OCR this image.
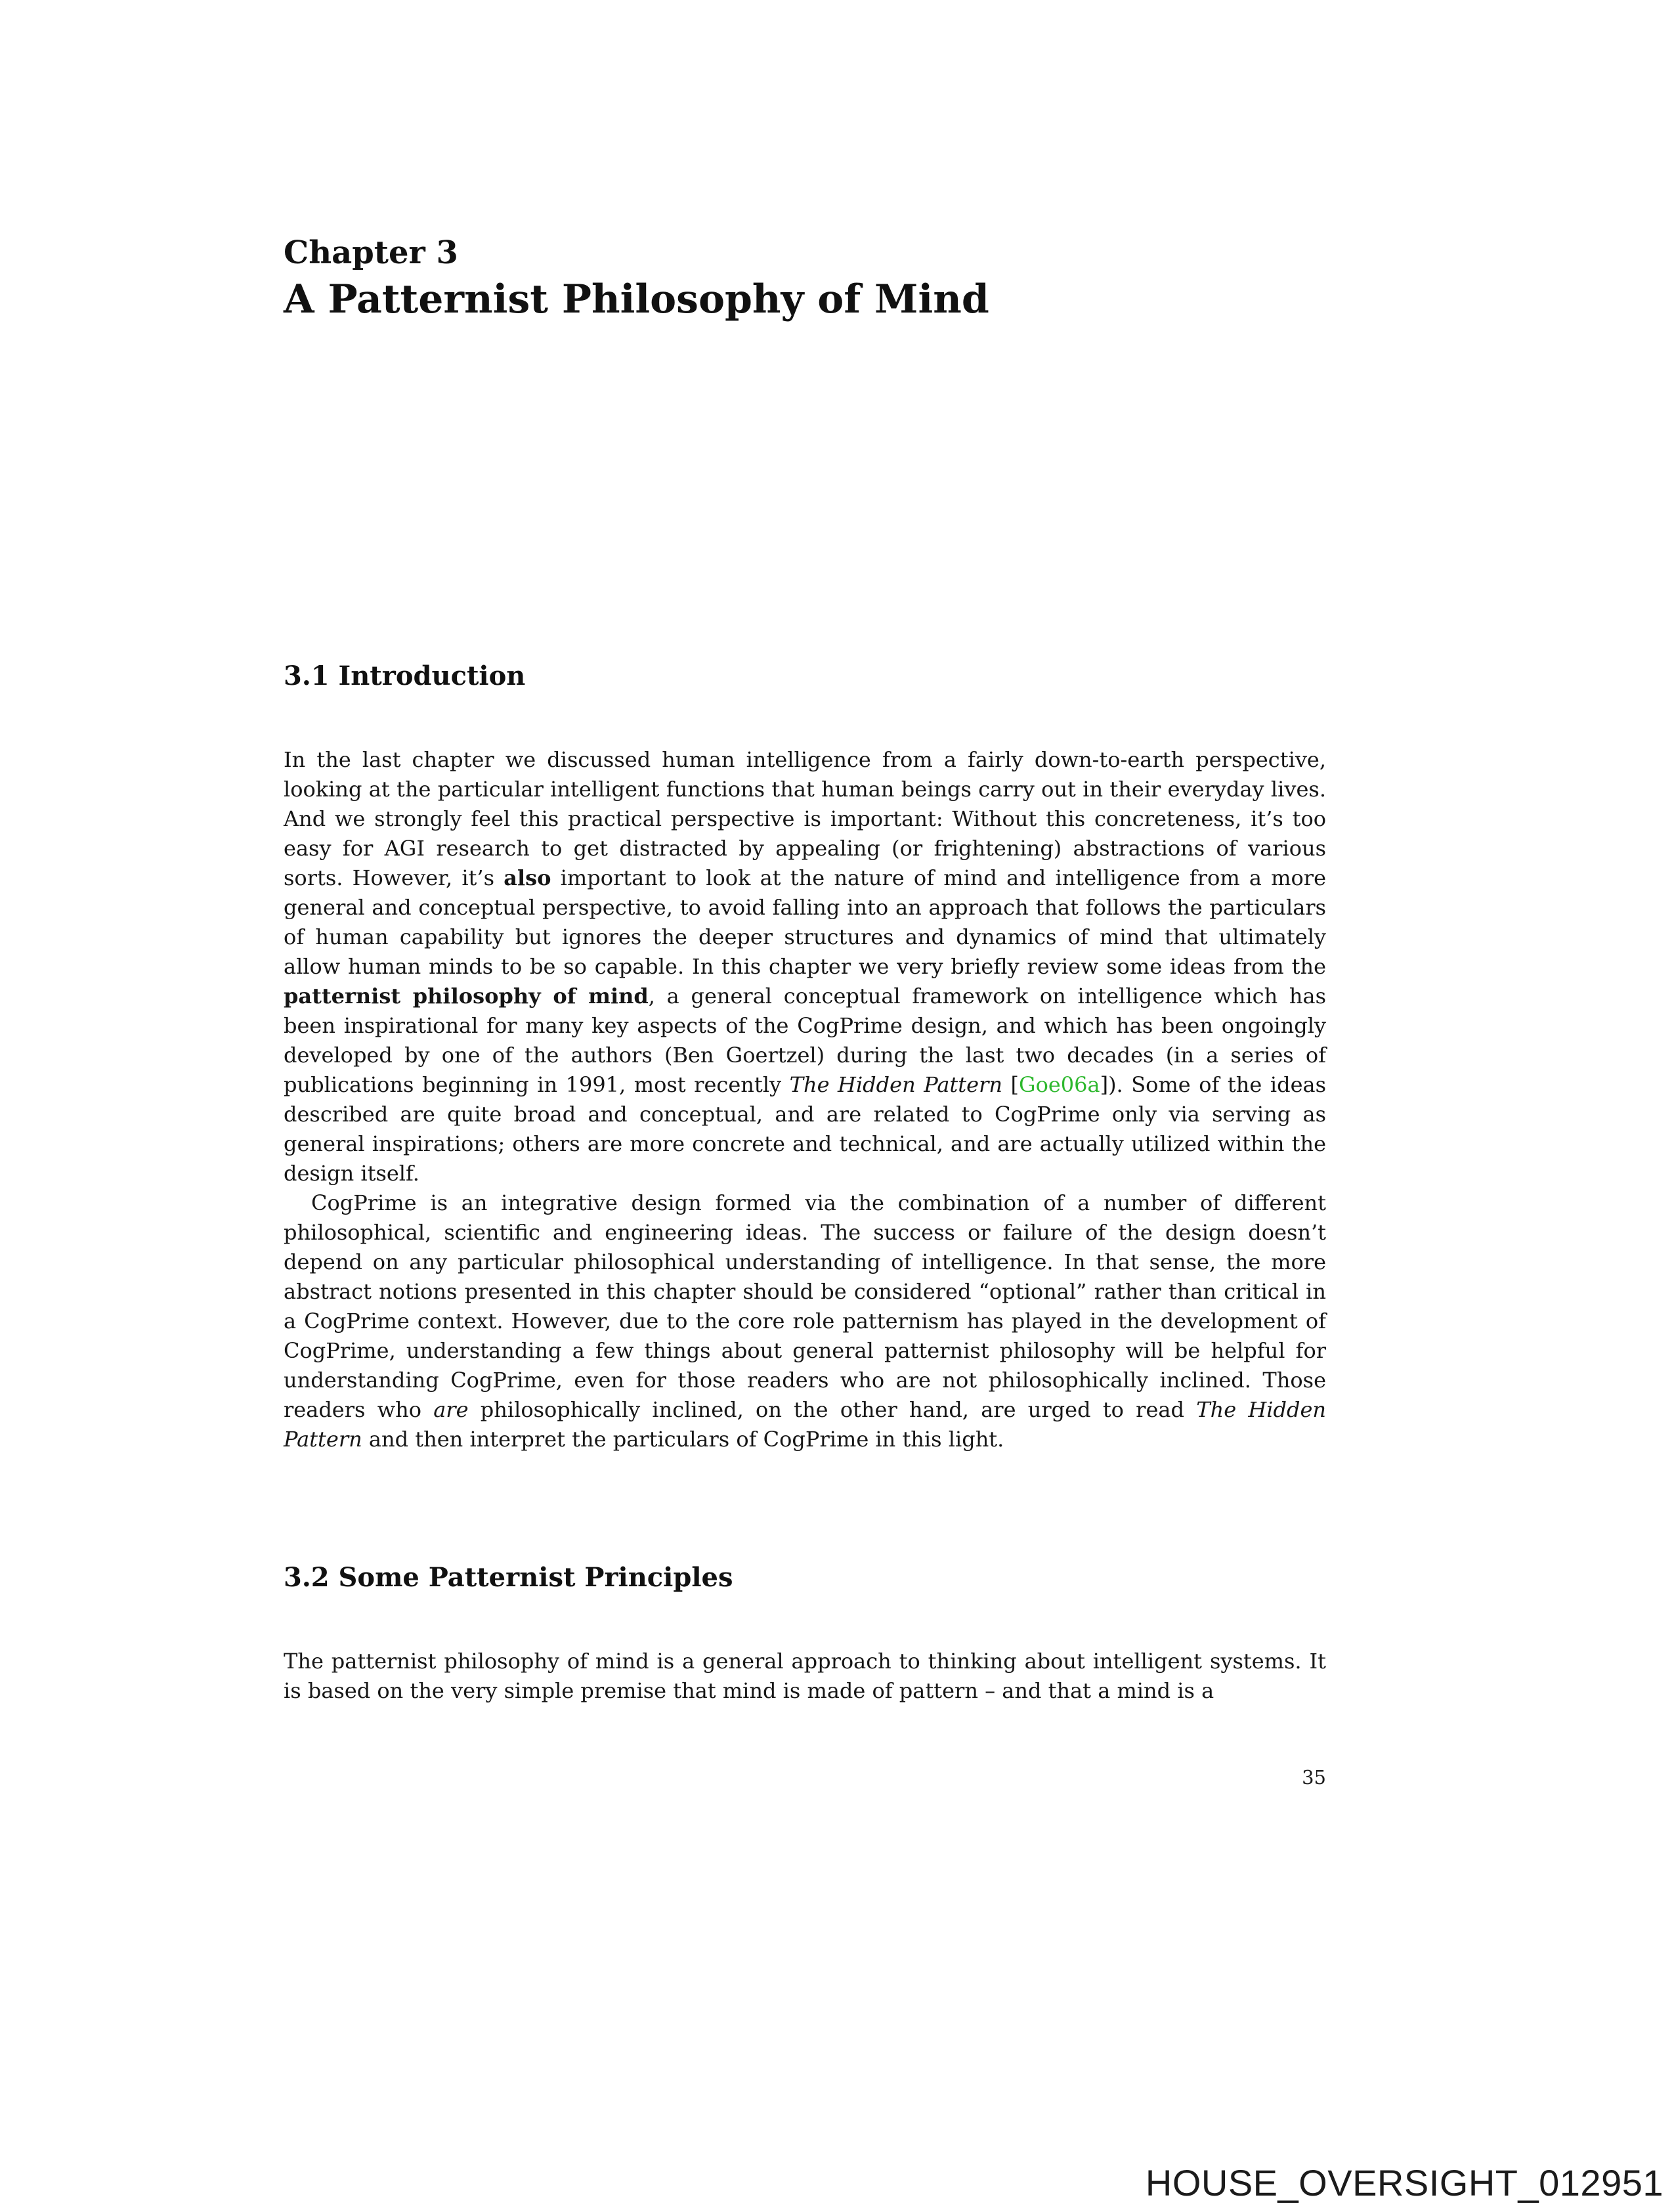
Chapter 3
A Patternist Philosophy of Mind
3.1 Introduction

In the last chapter we discussed human intelligence from a fairly down-to-earth perspective, looking at the particular intelligent functions that human beings carry out in their everyday lives. And we strongly feel this practical perspective is important: Without this concreteness, it’s too easy for AGI research to get distracted by appealing (or frightening) abstractions of various sorts. However, it’s also important to look at the nature of mind and intelligence from a more general and conceptual perspective, to avoid falling into an approach that follows the particulars of human capability but ignores the deeper structures and dynamics of mind that ultimately allow human minds to be so capable. In this chapter we very briefly review some ideas from the patternist philosophy of mind, a general conceptual framework on intelligence which has been inspirational for many key aspects of the CogPrime design, and which has been ongoingly developed by one of the authors (Ben Goertzel) during the last two decades (in a series of publications beginning in 1991, most recently The Hidden Pattern [Goe06a]). Some of the ideas described are quite broad and conceptual, and are related to CogPrime only via serving as general inspirations; others are more concrete and technical, and are actually utilized within the design itself.

CogPrime is an integrative design formed via the combination of a number of different philosophical, scientific and engineering ideas. The success or failure of the design doesn’t depend on any particular philosophical understanding of intelligence. In that sense, the more abstract notions presented in this chapter should be considered “optional” rather than critical in a CogPrime context. However, due to the core role patternism has played in the development of CogPrime, understanding a few things about general patternist philosophy will be helpful for understanding CogPrime, even for those readers who are not philosophically inclined. Those readers who are philosophically inclined, on the other hand, are urged to read The Hidden Pattern and then interpret the particulars of CogPrime in this light.

3.2 Some Patternist Principles

The patternist philosophy of mind is a general approach to thinking about intelligent systems. It is based on the very simple premise that mind is made of pattern – and that a mind is a

35
HOUSE_OVERSIGHT_012951
